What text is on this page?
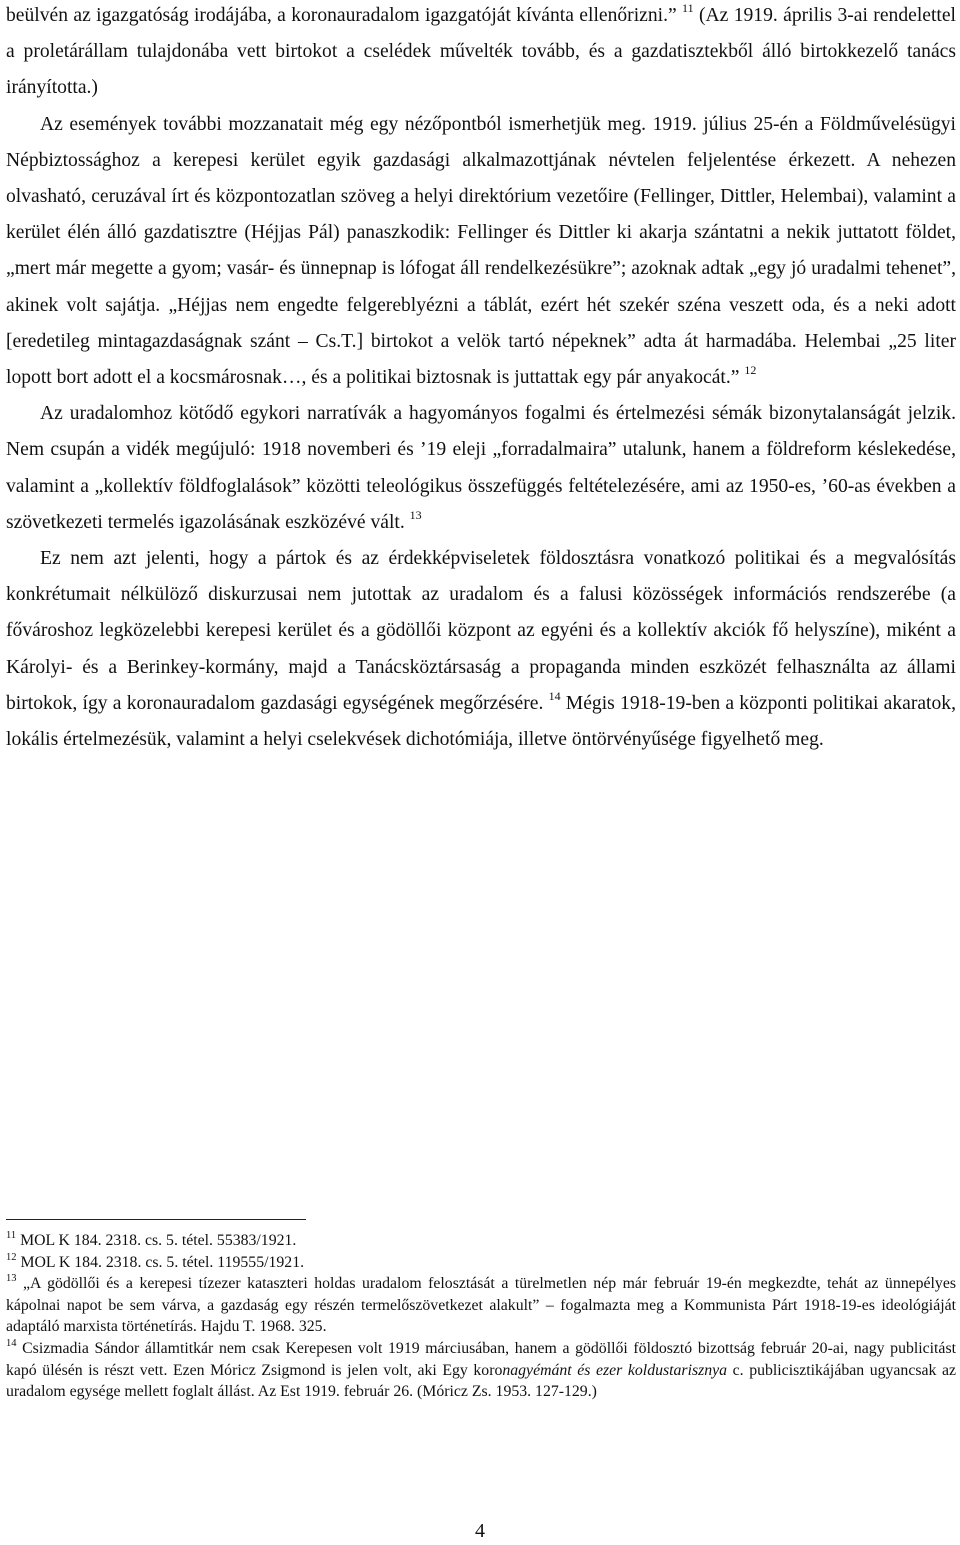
beülvén az igazgatóság irodájába, a koronauradalom igazgatóját kívánta ellenőrizni.” $^{11}$ (Az 1919. április 3-ai rendelettel a proletárállam tulajdonába vett birtokot a cselédek művelték tovább, és a gazdatisztekből álló birtokkezelő tanács irányította.)

Az események további mozzanatait még egy nézőpontból ismerhetjük meg. 1919. július 25-én a Földművelésügyi Népbiztossághoz a kerepesi kerület egyik gazdasági alkalmazottjának névtelen feljelentése érkezett. A nehezen olvasható, ceruzával írt és központozatlan szöveg a helyi direktórium vezetőire (Fellinger, Dittler, Helembai), valamint a kerület élén álló gazdatisztre (Héjjas Pál) panaszkodik: Fellinger és Dittler ki akarja szántatni a nekik juttatott földet, „mert már megette a gyom; vasár- és ünnepnap is lófogat áll rendelkezésükre”; azoknak adtak „egy jó uradalmi tehenet”, akinek volt sajátja. „Héjjas nem engedte felgereblyézni a táblát, ezért hét szekér széna veszett oda, és a neki adott [eredetileg mintagazdaságnak szánt – Cs.T.] birtokot a velök tartó népeknek” adta át harmadába. Helembai „25 liter lopott bort adott el a kocsmárosnak…, és a politikai biztosnak is juttattak egy pár anyakocát.” $^{12}$

Az uradalomhoz kötődő egykori narratívák a hagyományos fogalmi és értelmezési sémák bizonytalanságát jelzik. Nem csupán a vidék megújuló: 1918 novemberi és ’19 eleji „forradalmaira” utalunk, hanem a földreform késlekedése, valamint a „kollektív földfoglalások” közötti teleológikus összefüggés feltételezésére, ami az 1950-es, ’60-as években a szövetkezeti termelés igazolásának eszközévé vált. $^{13}$

Ez nem azt jelenti, hogy a pártok és az érdekképviseletek földosztásra vonatkozó politikai és a megvalósítás konkrétumait nélkülöző diskurzusai nem jutottak az uradalom és a falusi közösségek információs rendszerébe (a fővároshoz legközelebbi kerepesi kerület és a gödöllői központ az egyéni és a kollektív akciók fő helyszíne), miként a Károlyi- és a Berinkey-kormány, majd a Tanácsköztársaság a propaganda minden eszközét felhasználta az állami birtokok, így a koronauradalom gazdasági egységének megőrzésére. $^{14}$ Mégis 1918-19-ben a központi politikai akaratok, lokális értelmezésük, valamint a helyi cselekvések dichotómiája, illetve öntörvényűsége figyelhető meg.

$^{11}$ MOL K 184. 2318. cs. 5. tétel. 55383/1921.

$^{12}$ MOL K 184. 2318. cs. 5. tétel. 119555/1921.

$^{13}$ „A gödöllői és a kerepesi tízezer kataszteri holdas uradalom felosztását a türelmetlen nép már február 19-én megkezdte, tehát az ünnepélyes kápolnai napot be sem várva, a gazdaság egy részén termelőszövetkezet alakult” – fogalmazta meg a Kommunista Párt 1918-19-es ideológiáját adaptáló marxista történetírás. Hajdu T. 1968. 325.

$^{14}$ Csizmadia Sándor államtitkár nem csak Kerepesen volt 1919 márciusában, hanem a gödöllői földosztó bizottság február 20-ai, nagy publicitást kapó ülésén is részt vett. Ezen Móricz Zsigmond is jelen volt, aki Egy koronagyémánt és ezer koldustarisznya c. publicisztikájában ugyancsak az uradalom egysége mellett foglalt állást. Az Est 1919. február 26. (Móricz Zs. 1953. 127-129.)

4
